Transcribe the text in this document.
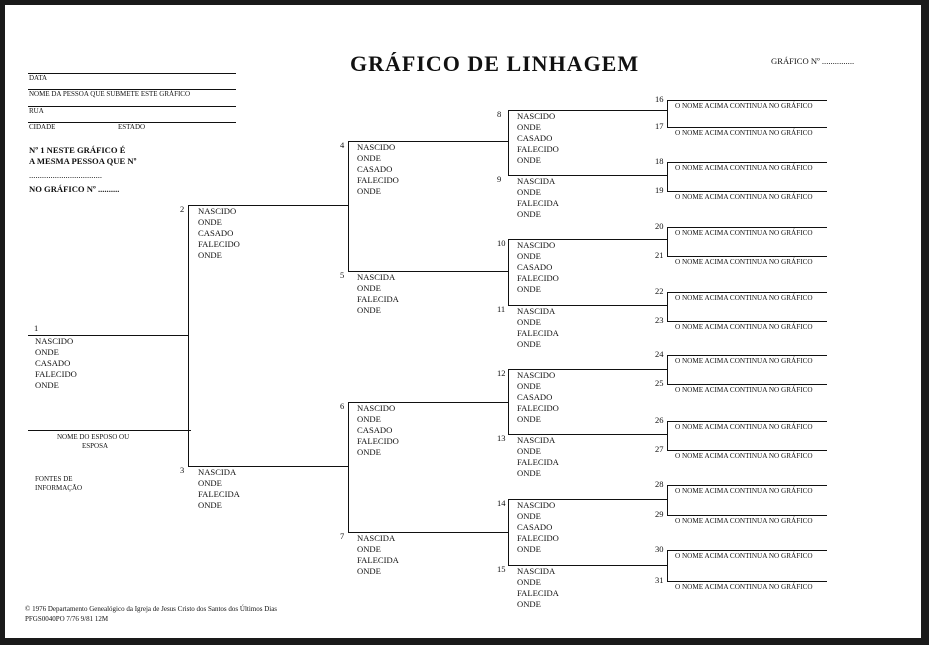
GRÁFICO DE LINHAGEM	GRÁFICO Nº ...............
DATA
NOME DA PESSOA QUE SUBMETE ESTE GRÁFICO
RUA
CIDADE	ESTADO
Nº 1 NESTE GRÁFICO É
A MESMA PESSOA QUE Nº
..................................
NO GRÁFICO Nº ..........
1
NASCIDO
ONDE
CASADO
FALECIDO
ONDE
NOME DO ESPOSO OU
ESPOSA
FONTES DE
INFORMAÇÃO
2 NASCIDO
ONDE
CASADO
FALECIDO
ONDE
3 NASCIDA
ONDE
FALECIDA
ONDE
4 NASCIDO
ONDE
CASADO
FALECIDO
ONDE
5 NASCIDA
ONDE
FALECIDA
ONDE
6 NASCIDO
ONDE
CASADO
FALECIDO
ONDE
7 NASCIDA
ONDE
FALECIDA
ONDE
8 NASCIDO
ONDE
CASADO
FALECIDO
ONDE
9 NASCIDA
ONDE
FALECIDA
ONDE
10 NASCIDO
ONDE
CASADO
FALECIDO
ONDE
11 NASCIDA
ONDE
FALECIDA
ONDE
12 NASCIDO
ONDE
CASADO
FALECIDO
ONDE
13 NASCIDA
ONDE
FALECIDA
ONDE
14 NASCIDO
ONDE
CASADO
FALECIDO
ONDE
15 NASCIDA
ONDE
FALECIDA
ONDE
16
O NOME ACIMA CONTINUA NO GRÁFICO
17
O NOME ACIMA CONTINUA NO GRÁFICO
18
O NOME ACIMA CONTINUA NO GRÁFICO
19
O NOME ACIMA CONTINUA NO GRÁFICO
20
O NOME ACIMA CONTINUA NO GRÁFICO
21
O NOME ACIMA CONTINUA NO GRÁFICO
22
O NOME ACIMA CONTINUA NO GRÁFICO
23
O NOME ACIMA CONTINUA NO GRÁFICO
24
O NOME ACIMA CONTINUA NO GRÁFICO
25
O NOME ACIMA CONTINUA NO GRÁFICO
26
O NOME ACIMA CONTINUA NO GRÁFICO
27
O NOME ACIMA CONTINUA NO GRÁFICO
28
O NOME ACIMA CONTINUA NO GRÁFICO
29
O NOME ACIMA CONTINUA NO GRÁFICO
30
O NOME ACIMA CONTINUA NO GRÁFICO
31
O NOME ACIMA CONTINUA NO GRÁFICO
© 1976 Departamento Genealógico da Igreja de Jesus Cristo dos Santos dos Últimos Dias
PFGS0040PO 7/76 9/81 12M
